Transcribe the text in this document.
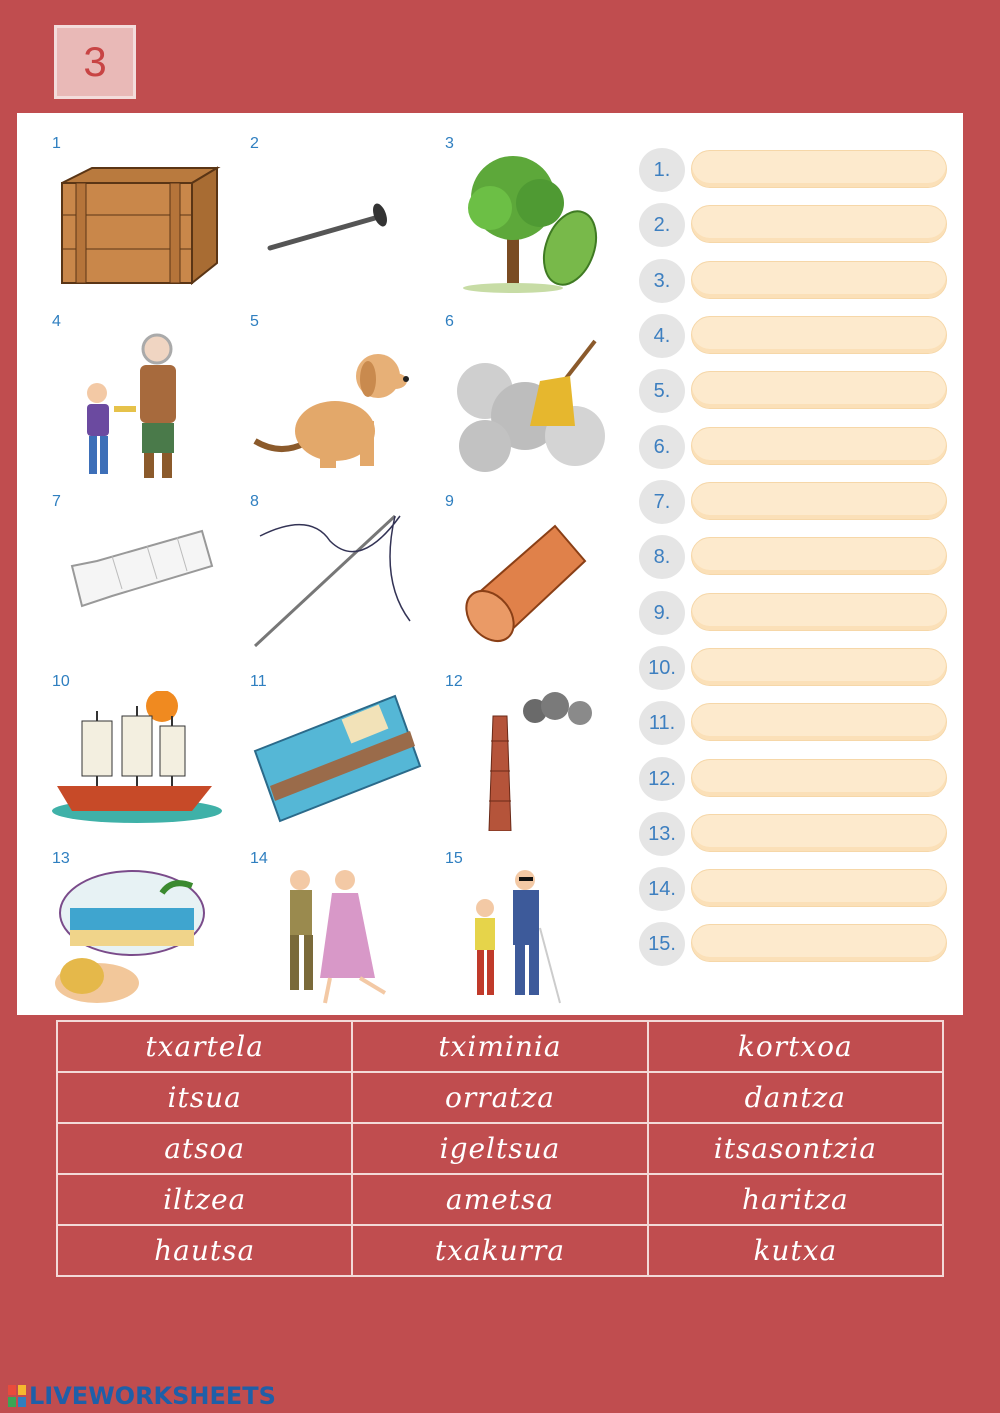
3
1	2	3
4	5	6
7	8	9
10	11	12
13	14	15
1.
2.
3.
4.
5.
6.
7.
8.
9.
10.
11.
12.
13.
14.
15.
txartela	tximinia	kortxoa
itsua	orratza	dantza
atsoa	igeltsua	itsasontzia
iltzea	ametsa	haritza
hautsa	txakurra	kutxa
LIVEWORKSHEETS
